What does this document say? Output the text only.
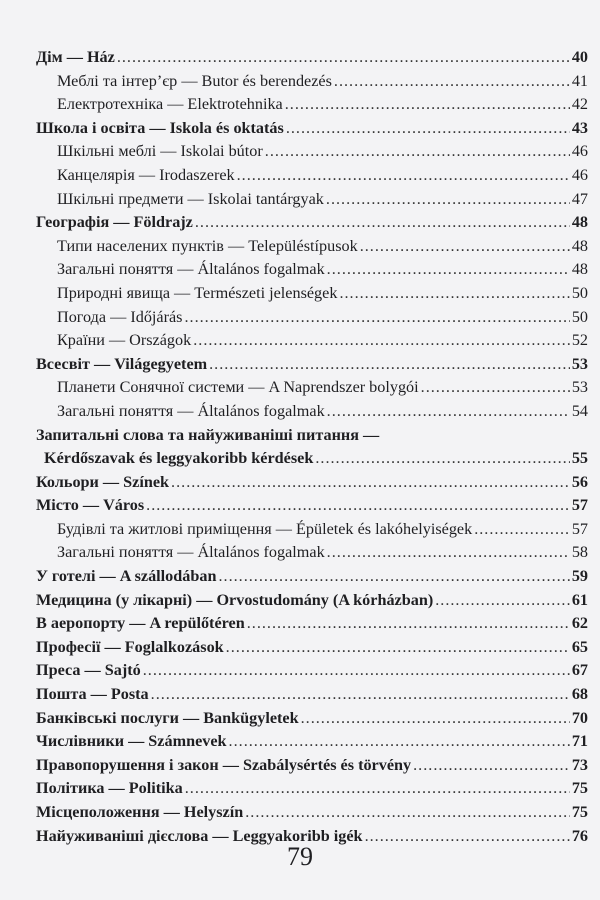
Дім — Ház .....	40
Меблі та інтер’єр — Butor és berendezés .....	41
Електротехніка — Elektrotehnika .....	42
Школа і освіта — Iskola és oktatás .....	43
Шкільні меблі — Iskolai bútor .....	46
Канцелярія — Irodaszerek .....	46
Шкільні предмети — Iskolai tantárgyak .....	47
Географія — Földrajz .....	48
Типи населених пунктів — Településtípusok .....	48
Загальні поняття — Általános fogalmak .....	48
Природні явища — Természeti jelenségek .....	50
Погода — Időjárás .....	50
Країни — Országok .....	52
Всесвіт — Világegyetem .....	53
Планети Сонячної системи — A Naprendszer bolygói .....	53
Загальні поняття — Általános fogalmak .....	54
Запитальні слова та найуживаніші питання —
Kérdőszavak és leggyakoribb kérdések .....	55
Кольори — Színek .....	56
Місто — Város .....	57
Будівлі та житлові приміщення — Épületek és lakóhelyiségek .....	57
Загальні поняття — Általános fogalmak .....	58
У готелі — A szállodában .....	59
Медицина (у лікарні) — Orvostudomány (A kórházban) .....	61
В аеропорту — A repülőtéren .....	62
Професії — Foglalkozások .....	65
Преса — Sajtó .....	67
Пошта — Posta .....	68
Банківські послуги — Bankügyletek .....	70
Числівники — Számnevek .....	71
Правопорушення і закон — Szabálysértés és törvény .....	73
Політика — Politika .....	75
Місцеположення — Helyszín .....	75
Найуживаніші дієслова — Leggyakoribb igék .....	76
79
